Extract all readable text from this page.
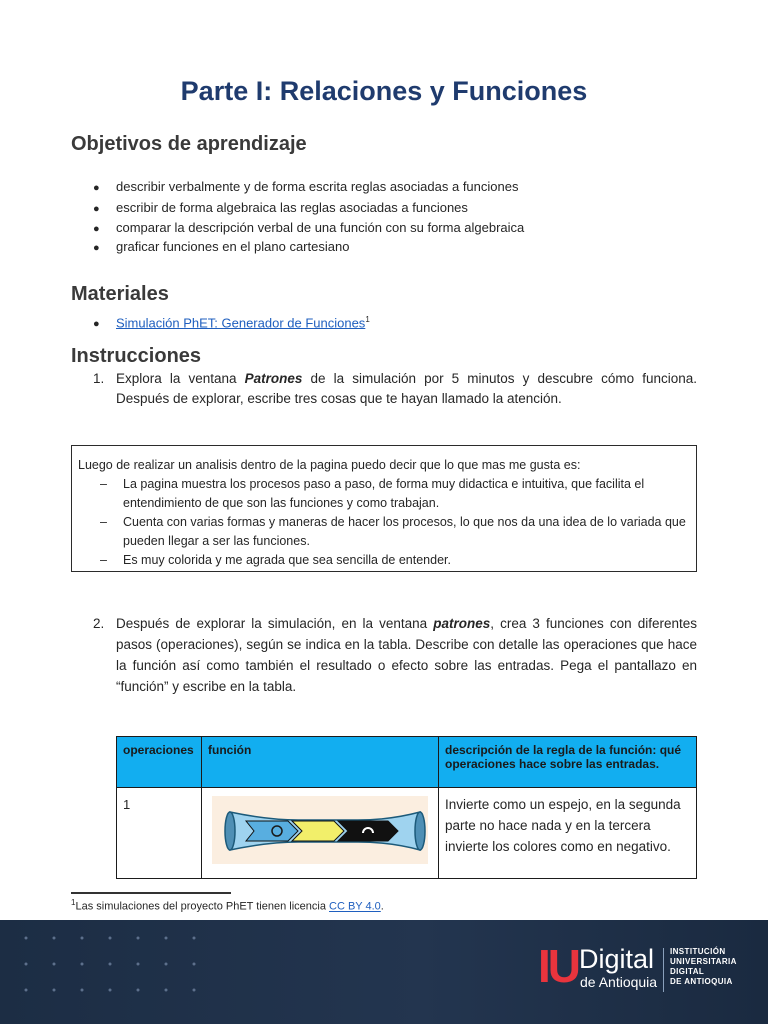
Parte I: Relaciones y Funciones
Objetivos de aprendizaje
● describir verbalmente y de forma escrita reglas asociadas a funciones
● escribir de forma algebraica las reglas asociadas a funciones
● comparar la descripción verbal de una función con su forma algebraica
● graficar funciones en el plano cartesiano
Materiales
● Simulación PhET: Generador de Funciones$^1$
Instrucciones
1. Explora la ventana Patrones de la simulación por 5 minutos y descubre cómo funciona. Después de explorar, escribe tres cosas que te hayan llamado la atención.
Luego de realizar un analisis dentro de la pagina puedo decir que lo que mas me gusta es:
– La pagina muestra los procesos paso a paso, de forma muy didactica e intuitiva, que facilita el entendimiento de que son las funciones y como trabajan.
– Cuenta con varias formas y maneras de hacer los procesos, lo que nos da una idea de lo variada que pueden llegar a ser las funciones.
– Es muy colorida y me agrada que sea sencilla de entender.
2. Después de explorar la simulación, en la ventana patrones, crea 3 funciones con diferentes pasos (operaciones), según se indica en la tabla. Describe con detalle las operaciones que hace la función así como también el resultado o efecto sobre las entradas. Pega el pantallazo en “función” y escribe en la tabla.
operaciones	función	descripción de la regla de la función: qué operaciones hace sobre las entradas.
1		Invierte como un espejo, en la segunda parte no hace nada y en la tercera invierte los colores como en negativo.
$^1$Las simulaciones del proyecto PhET tienen licencia CC BY 4.0.
IU Digital
de Antioquia
INSTITUCIÓN
UNIVERSITARIA
DIGITAL
DE ANTIOQUIA
